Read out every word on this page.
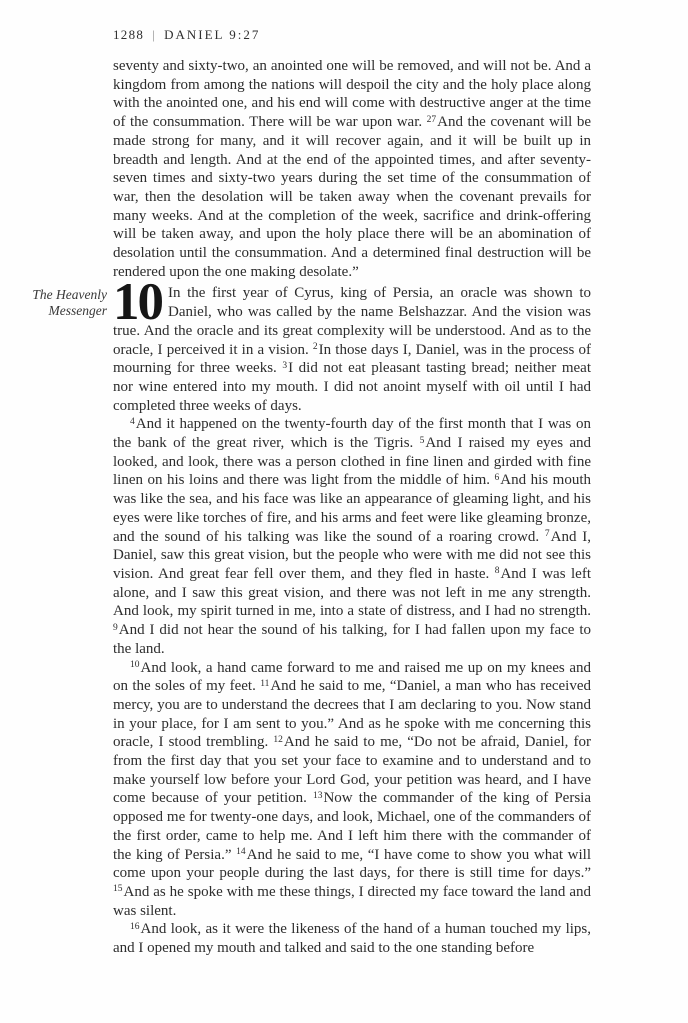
1288 | DANIEL 9:27

seventy and sixty-two, an anointed one will be removed, and will not be. And a kingdom from among the nations will despoil the city and the holy place along with the anointed one, and his end will come with destructive anger at the time of the consummation. There will be war upon war. $^{27}$And the covenant will be made strong for many, and it will recover again, and it will be built up in breadth and length. And at the end of the appointed times, and after seventy-seven times and sixty-two years during the set time of the consummation of war, then the desolation will be taken away when the covenant prevails for many weeks. And at the completion of the week, sacrifice and drink-offering will be taken away, and upon the holy place there will be an abomination of desolation until the consummation. And a determined final destruction will be rendered upon the one making desolate.”

The Heavenly
Messenger 10 In the first year of Cyrus, king of Persia, an oracle was shown to Daniel, who was called by the name Belshazzar. And the vision was true. And the oracle and its great complexity will be understood. And as to the oracle, I perceived it in a vision. $^2$In those days I, Daniel, was in the process of mourning for three weeks. $^3$I did not eat pleasant tasting bread; neither meat nor wine entered into my mouth. I did not anoint myself with oil until I had completed three weeks of days.

$^4$And it happened on the twenty-fourth day of the first month that I was on the bank of the great river, which is the Tigris. $^5$And I raised my eyes and looked, and look, there was a person clothed in fine linen and girded with fine linen on his loins and there was light from the middle of him. $^6$And his mouth was like the sea, and his face was like an appearance of gleaming light, and his eyes were like torches of fire, and his arms and feet were like gleaming bronze, and the sound of his talking was like the sound of a roaring crowd. $^7$And I, Daniel, saw this great vision, but the people who were with me did not see this vision. And great fear fell over them, and they fled in haste. $^8$And I was left alone, and I saw this great vision, and there was not left in me any strength. And look, my spirit turned in me, into a state of distress, and I had no strength. $^9$And I did not hear the sound of his talking, for I had fallen upon my face to the land.

$^{10}$And look, a hand came forward to me and raised me up on my knees and on the soles of my feet. $^{11}$And he said to me, “Daniel, a man who has received mercy, you are to understand the decrees that I am declaring to you. Now stand in your place, for I am sent to you.” And as he spoke with me concerning this oracle, I stood trembling. $^{12}$And he said to me, “Do not be afraid, Daniel, for from the first day that you set your face to examine and to understand and to make yourself low before your Lord God, your petition was heard, and I have come because of your petition. $^{13}$Now the commander of the king of Persia opposed me for twenty-one days, and look, Michael, one of the commanders of the first order, came to help me. And I left him there with the commander of the king of Persia.” $^{14}$And he said to me, “I have come to show you what will come upon your people during the last days, for there is still time for days.” $^{15}$And as he spoke with me these things, I directed my face toward the land and was silent.

$^{16}$And look, as it were the likeness of the hand of a human touched my lips, and I opened my mouth and talked and said to the one standing before
